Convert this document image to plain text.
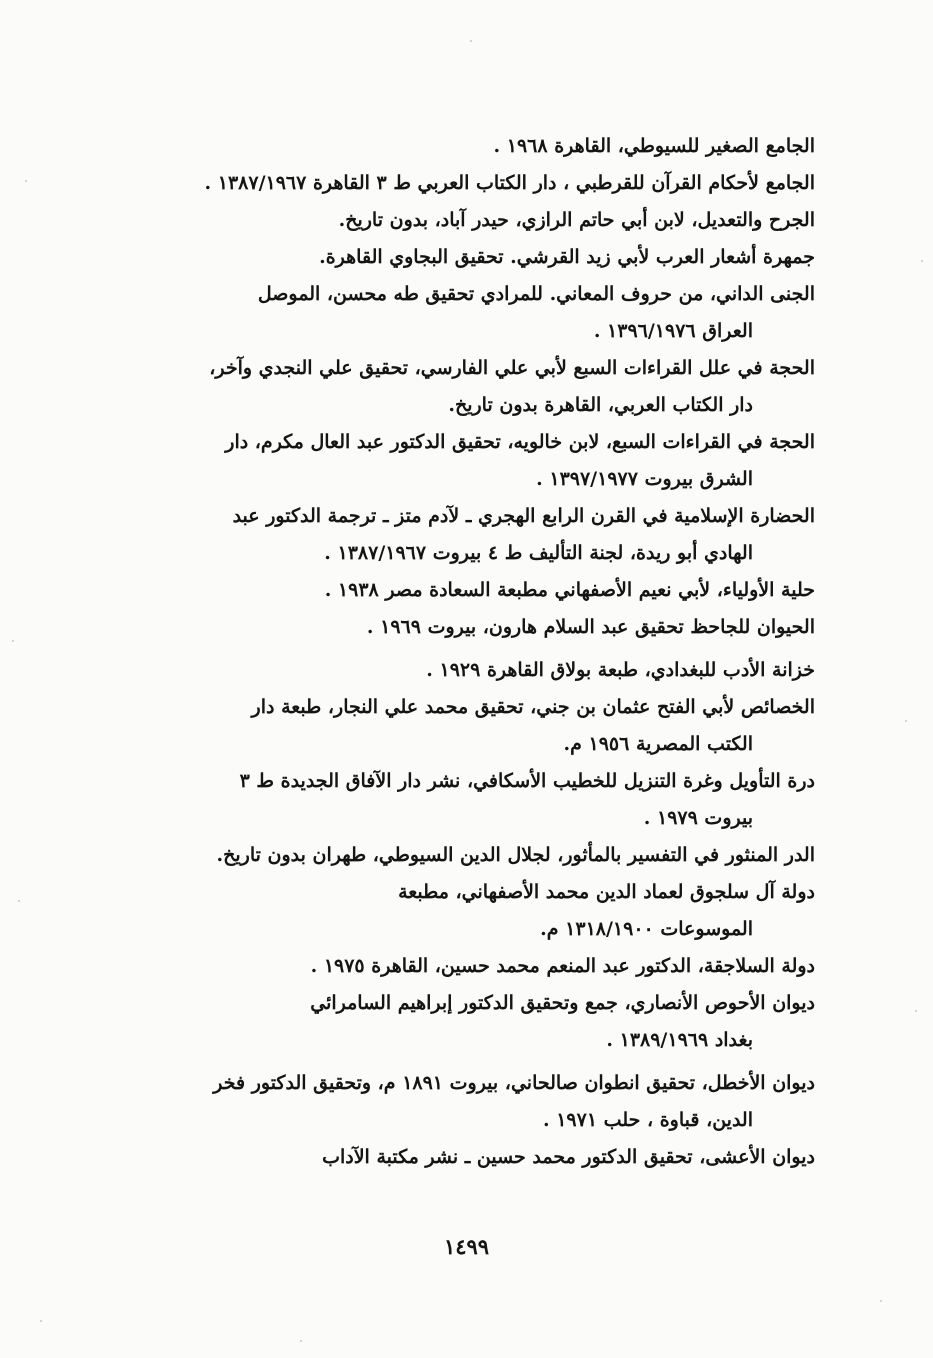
الجامع الصغير للسيوطي، القاهرة ١٩٦٨ .
الجامع لأحكام القرآن للقرطبي ، دار الكتاب العربي ط ٣ القاهرة ١٣٨٧/١٩٦٧ .
الجرح والتعديل، لابن أبي حاتم الرازي، حيدر آباد، بدون تاريخ.
جمهرة أشعار العرب لأبي زيد القرشي. تحقيق البجاوي القاهرة.
الجنى الداني، من حروف المعاني. للمرادي تحقيق طه محسن، الموصل
العراق ١٣٩٦/١٩٧٦ .
الحجة في علل القراءات السبع لأبي علي الفارسي، تحقيق علي النجدي وآخر،
دار الكتاب العربي، القاهرة بدون تاريخ.
الحجة في القراءات السبع، لابن خالويه، تحقيق الدكتور عبد العال مكرم، دار
الشرق بيروت ١٣٩٧/١٩٧٧ .
الحضارة الإسلامية في القرن الرابع الهجري ـ لآدم متز ـ ترجمة الدكتور عبد
الهادي أبو ريدة، لجنة التأليف ط ٤ بيروت ١٣٨٧/١٩٦٧ .
حلية الأولياء، لأبي نعيم الأصفهاني مطبعة السعادة مصر ١٩٣٨ .
الحيوان للجاحظ تحقيق عبد السلام هارون، بيروت ١٩٦٩ .
خزانة الأدب للبغدادي، طبعة بولاق القاهرة ١٩٢٩ .
الخصائص لأبي الفتح عثمان بن جني، تحقيق محمد علي النجار، طبعة دار
الكتب المصرية ١٩٥٦ م.
درة التأويل وغرة التنزيل للخطيب الأسكافي، نشر دار الآفاق الجديدة ط ٣
بيروت ١٩٧٩ .
الدر المنثور في التفسير بالمأثور، لجلال الدين السيوطي، طهران بدون تاريخ.
دولة آل سلجوق لعماد الدين محمد الأصفهاني، مطبعة
الموسوعات ١٣١٨/١٩٠٠ م.
دولة السلاجقة، الدكتور عبد المنعم محمد حسين، القاهرة ١٩٧٥ .
ديوان الأحوص الأنصاري، جمع وتحقيق الدكتور إبراهيم السامرائي
بغداد ١٣٨٩/١٩٦٩ .
ديوان الأخطل، تحقيق انطوان صالحاني، بيروت ١٨٩١ م، وتحقيق الدكتور فخر
الدين، قباوة ، حلب ١٩٧١ .
ديوان الأعشى، تحقيق الدكتور محمد حسين ـ نشر مكتبة الآداب
١٤٩٩
